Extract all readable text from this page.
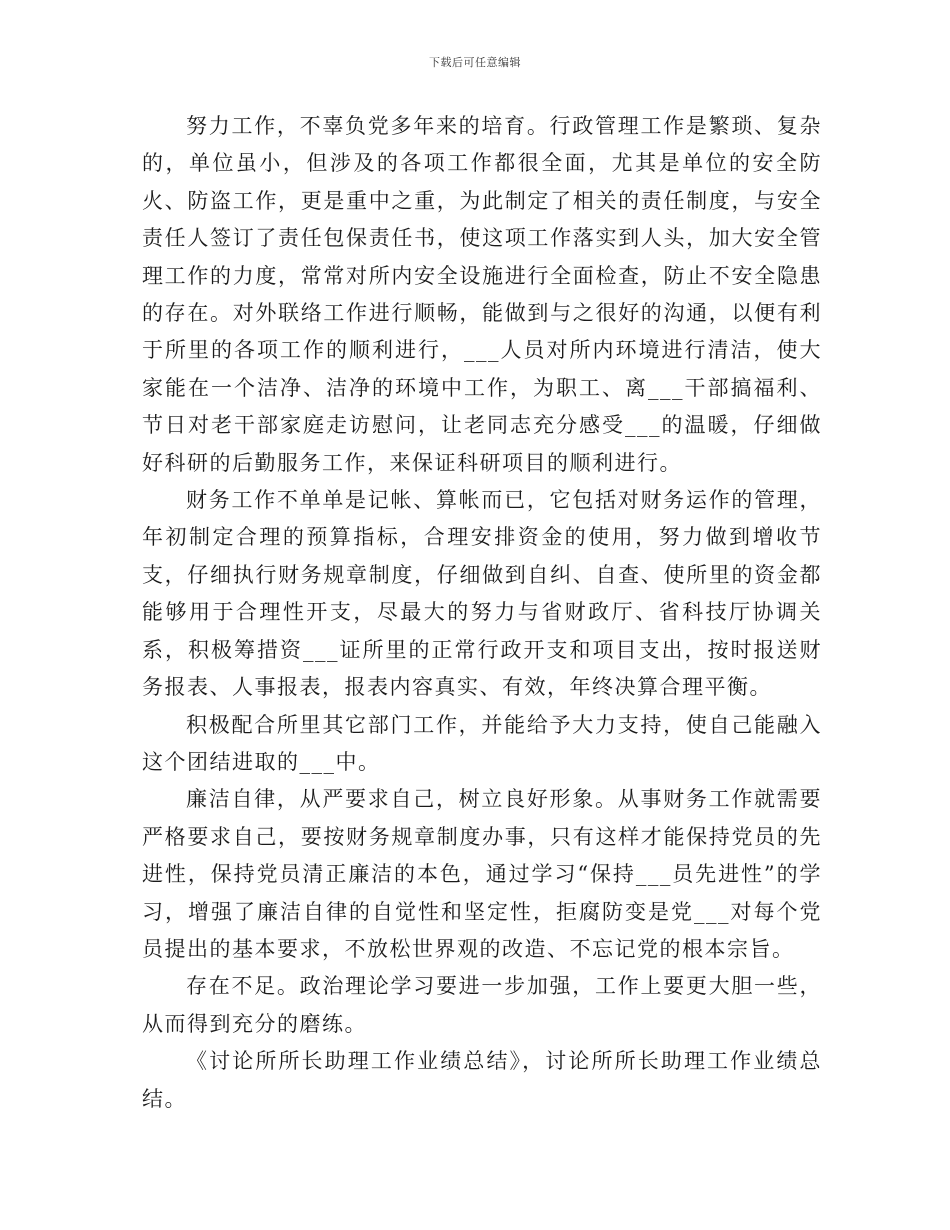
下载后可任意编辑

努力工作，不辜负党多年来的培育。行政管理工作是繁琐、复杂的，单位虽小，但涉及的各项工作都很全面，尤其是单位的安全防火、防盗工作，更是重中之重，为此制定了相关的责任制度，与安全责任人签订了责任包保责任书，使这项工作落实到人头，加大安全管理工作的力度，常常对所内安全设施进行全面检查，防止不安全隐患的存在。对外联络工作进行顺畅，能做到与之很好的沟通，以便有利于所里的各项工作的顺利进行，___人员对所内环境进行清洁，使大家能在一个洁净、洁净的环境中工作，为职工、离___干部搞福利、节日对老干部家庭走访慰问，让老同志充分感受___的温暖，仔细做好科研的后勤服务工作，来保证科研项目的顺利进行。

财务工作不单单是记帐、算帐而已，它包括对财务运作的管理，年初制定合理的预算指标，合理安排资金的使用，努力做到增收节支，仔细执行财务规章制度，仔细做到自纠、自查、使所里的资金都能够用于合理性开支，尽最大的努力与省财政厅、省科技厅协调关系，积极筹措资___证所里的正常行政开支和项目支出，按时报送财务报表、人事报表，报表内容真实、有效，年终决算合理平衡。

积极配合所里其它部门工作，并能给予大力支持，使自己能融入这个团结进取的___中。

廉洁自律，从严要求自己，树立良好形象。从事财务工作就需要严格要求自己，要按财务规章制度办事，只有这样才能保持党员的先进性，保持党员清正廉洁的本色，通过学习“保持___员先进性”的学习，增强了廉洁自律的自觉性和坚定性，拒腐防变是党___对每个党员提出的基本要求，不放松世界观的改造、不忘记党的根本宗旨。

存在不足。政治理论学习要进一步加强，工作上要更大胆一些，从而得到充分的磨练。

《讨论所所长助理工作业绩总结》，讨论所所长助理工作业绩总结。
